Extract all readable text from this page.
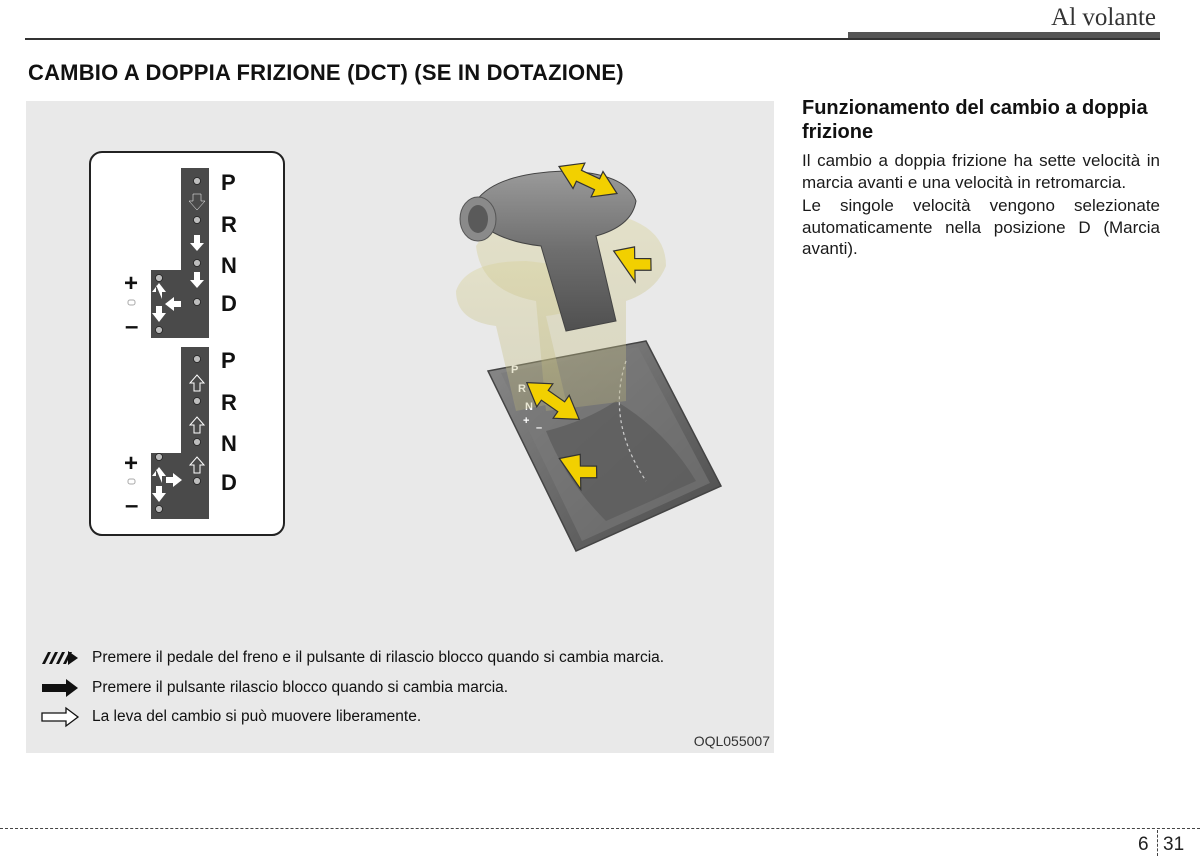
Al volante
CAMBIO A DOPPIA FRIZIONE (DCT) (SE IN DOTAZIONE)
P
R
N
D
P
R
N
D
+
–
+
–
+
–
Premere il pedale del freno e il pulsante di rilascio blocco quando si cambia marcia.
Premere il pulsante rilascio blocco quando si cambia marcia.
La leva del cambio si può muovere liberamente.
OQL055007
Funzionamento del cambio a doppia frizione

Il cambio a doppia frizione ha sette velocità in marcia avanti e una velocità in retromarcia.

Le singole velocità vengono selezionate automaticamente nella posizione D (Marcia avanti).

6 31
